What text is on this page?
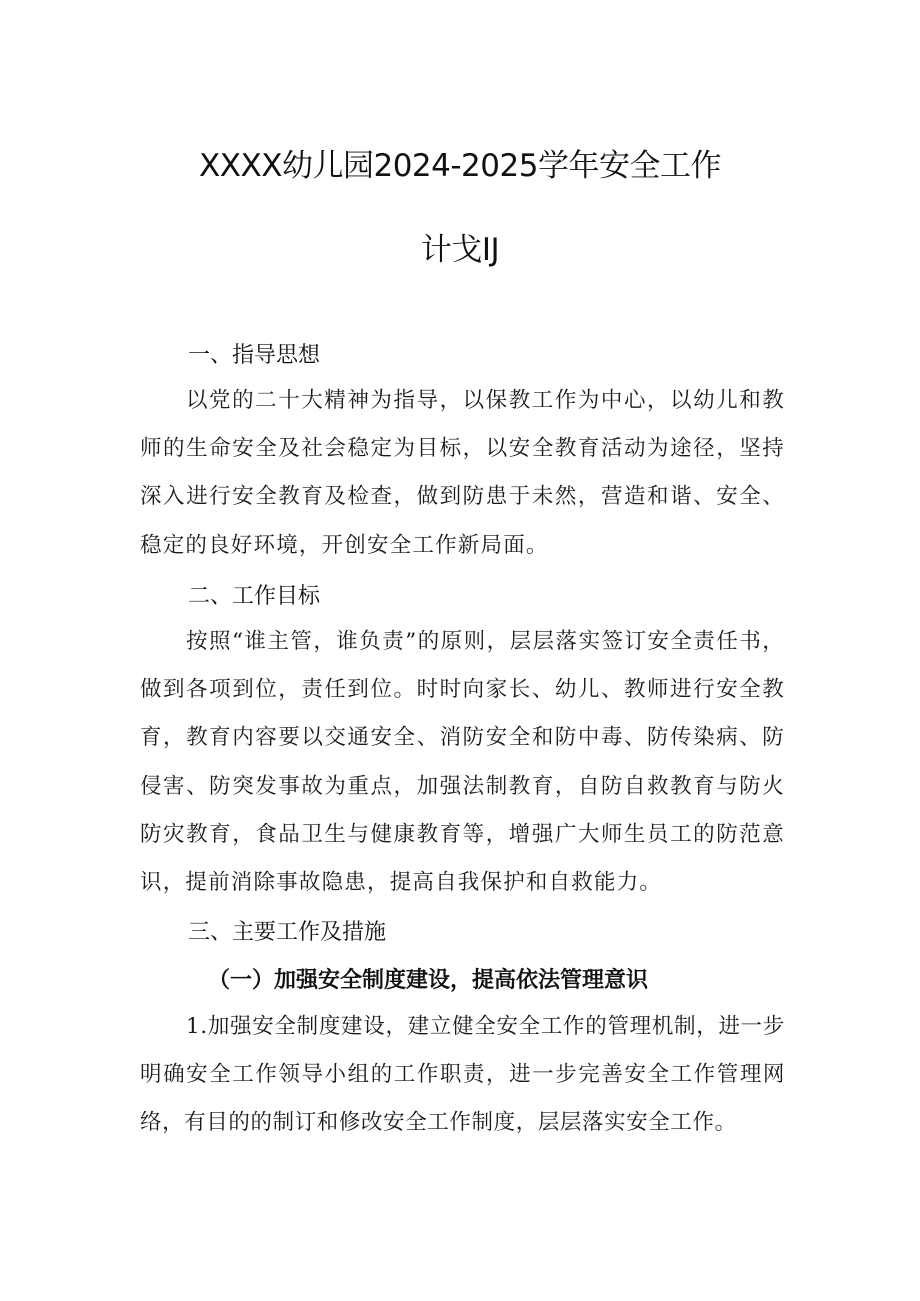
XXXX幼儿园2024-2025学年安全工作
计戈IJ
一、指导思想
以党的二十大精神为指导，以保教工作为中心，以幼儿和教师的生命安全及社会稳定为目标，以安全教育活动为途径，坚持深入进行安全教育及检查，做到防患于未然，营造和谐、安全、稳定的良好环境，开创安全工作新局面。
二、工作目标
按照“谁主管，谁负责”的原则，层层落实签订安全责任书，做到各项到位，责任到位。时时向家长、幼儿、教师进行安全教育，教育内容要以交通安全、消防安全和防中毒、防传染病、防侵害、防突发事故为重点，加强法制教育，自防自救教育与防火防灾教育，食品卫生与健康教育等，增强广大师生员工的防范意识，提前消除事故隐患，提高自我保护和自救能力。
三、主要工作及措施
（一）加强安全制度建设，提高依法管理意识
1.加强安全制度建设，建立健全安全工作的管理机制，进一步明确安全工作领导小组的工作职责，进一步完善安全工作管理网络，有目的的制订和修改安全工作制度，层层落实安全工作。
